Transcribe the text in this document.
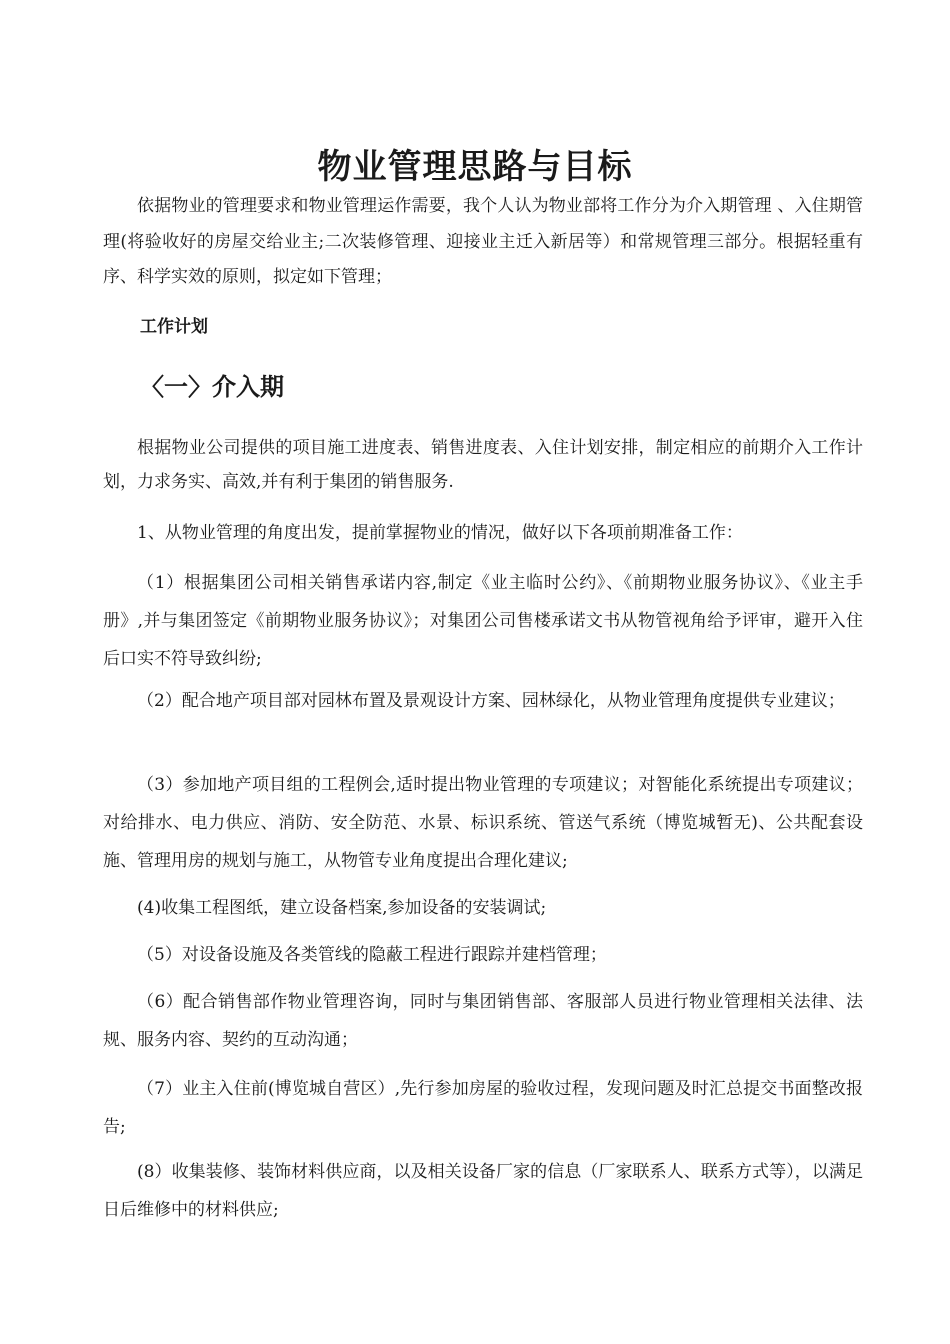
物业管理思路与目标

依据物业的管理要求和物业管理运作需要，我个人认为物业部将工作分为介入期管理 、入住期管理(将验收好的房屋交给业主;二次装修管理、迎接业主迁入新居等）和常规管理三部分。根据轻重有序、科学实效的原则，拟定如下管理；

工作计划

〈一〉介入期

根据物业公司提供的项目施工进度表、销售进度表、入住计划安排，制定相应的前期介入工作计划，力求务实、高效,并有利于集团的销售服务.

1、从物业管理的角度出发，提前掌握物业的情况，做好以下各项前期准备工作：

（1）根据集团公司相关销售承诺内容,制定《业主临时公约》、《前期物业服务协议》、《业主手册》,并与集团签定《前期物业服务协议》；对集团公司售楼承诺文书从物管视角给予评审，避开入住后口实不符导致纠纷;

（2）配合地产项目部对园林布置及景观设计方案、园林绿化，从物业管理角度提供专业建议；

（3）参加地产项目组的工程例会,适时提出物业管理的专项建议；对智能化系统提出专项建议；对给排水、电力供应、消防、安全防范、水景、标识系统、管送气系统（博览城暂无)、公共配套设施、管理用房的规划与施工，从物管专业角度提出合理化建议;

(4)收集工程图纸，建立设备档案,参加设备的安装调试;

（5）对设备设施及各类管线的隐蔽工程进行跟踪并建档管理；

（6）配合销售部作物业管理咨询，同时与集团销售部、客服部人员进行物业管理相关法律、法规、服务内容、契约的互动沟通；

（7）业主入住前(博览城自营区）,先行参加房屋的验收过程，发现问题及时汇总提交书面整改报告;

(8）收集装修、装饰材料供应商，以及相关设备厂家的信息（厂家联系人、联系方式等），以满足日后维修中的材料供应;
